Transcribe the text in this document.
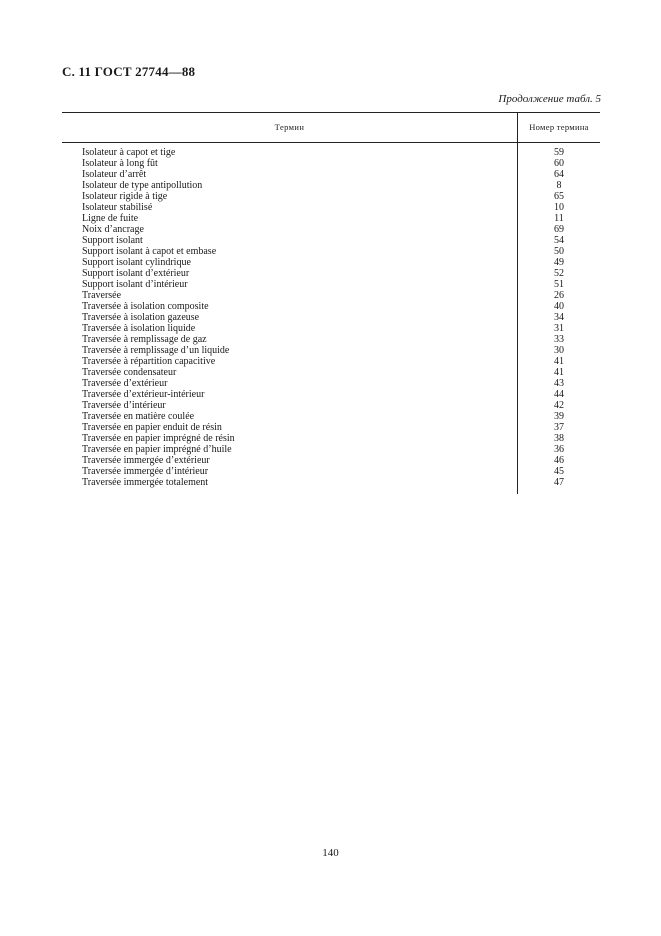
С. 11 ГОСТ 27744—88
Продолжение табл. 5
Термин	Номер термина
Isolateur à capot et tige	59
Isolateur à long fût	60
Isolateur d’arrêt	64
Isolateur de type antipollution	8
Isolateur rigide à tige	65
Isolateur stabilisé	10
Ligne de fuite	11
Noix d’ancrage	69
Support isolant	54
Support isolant à capot et embase	50
Support isolant cylindrique	49
Support isolant d’extérieur	52
Support isolant d’intérieur	51
Traversée	26
Traversée à isolation composite	40
Traversée à isolation gazeuse	34
Traversée à isolation liquide	31
Traversée à remplissage de gaz	33
Traversée à remplissage d’un liquide	30
Traversée à répartition capacitive	41
Traversée condensateur	41
Traversée d’extérieur	43
Traversée d’extérieur-intérieur	44
Traversée d’intérieur	42
Traversée en matière coulée	39
Traversée en papier enduit de résin	37
Traversée en papier imprégné de résin	38
Traversée en papier imprégné d’huile	36
Traversée immergée d’extérieur	46
Traversée immergée d’intérieur	45
Traversée immergée totalement	47
140
